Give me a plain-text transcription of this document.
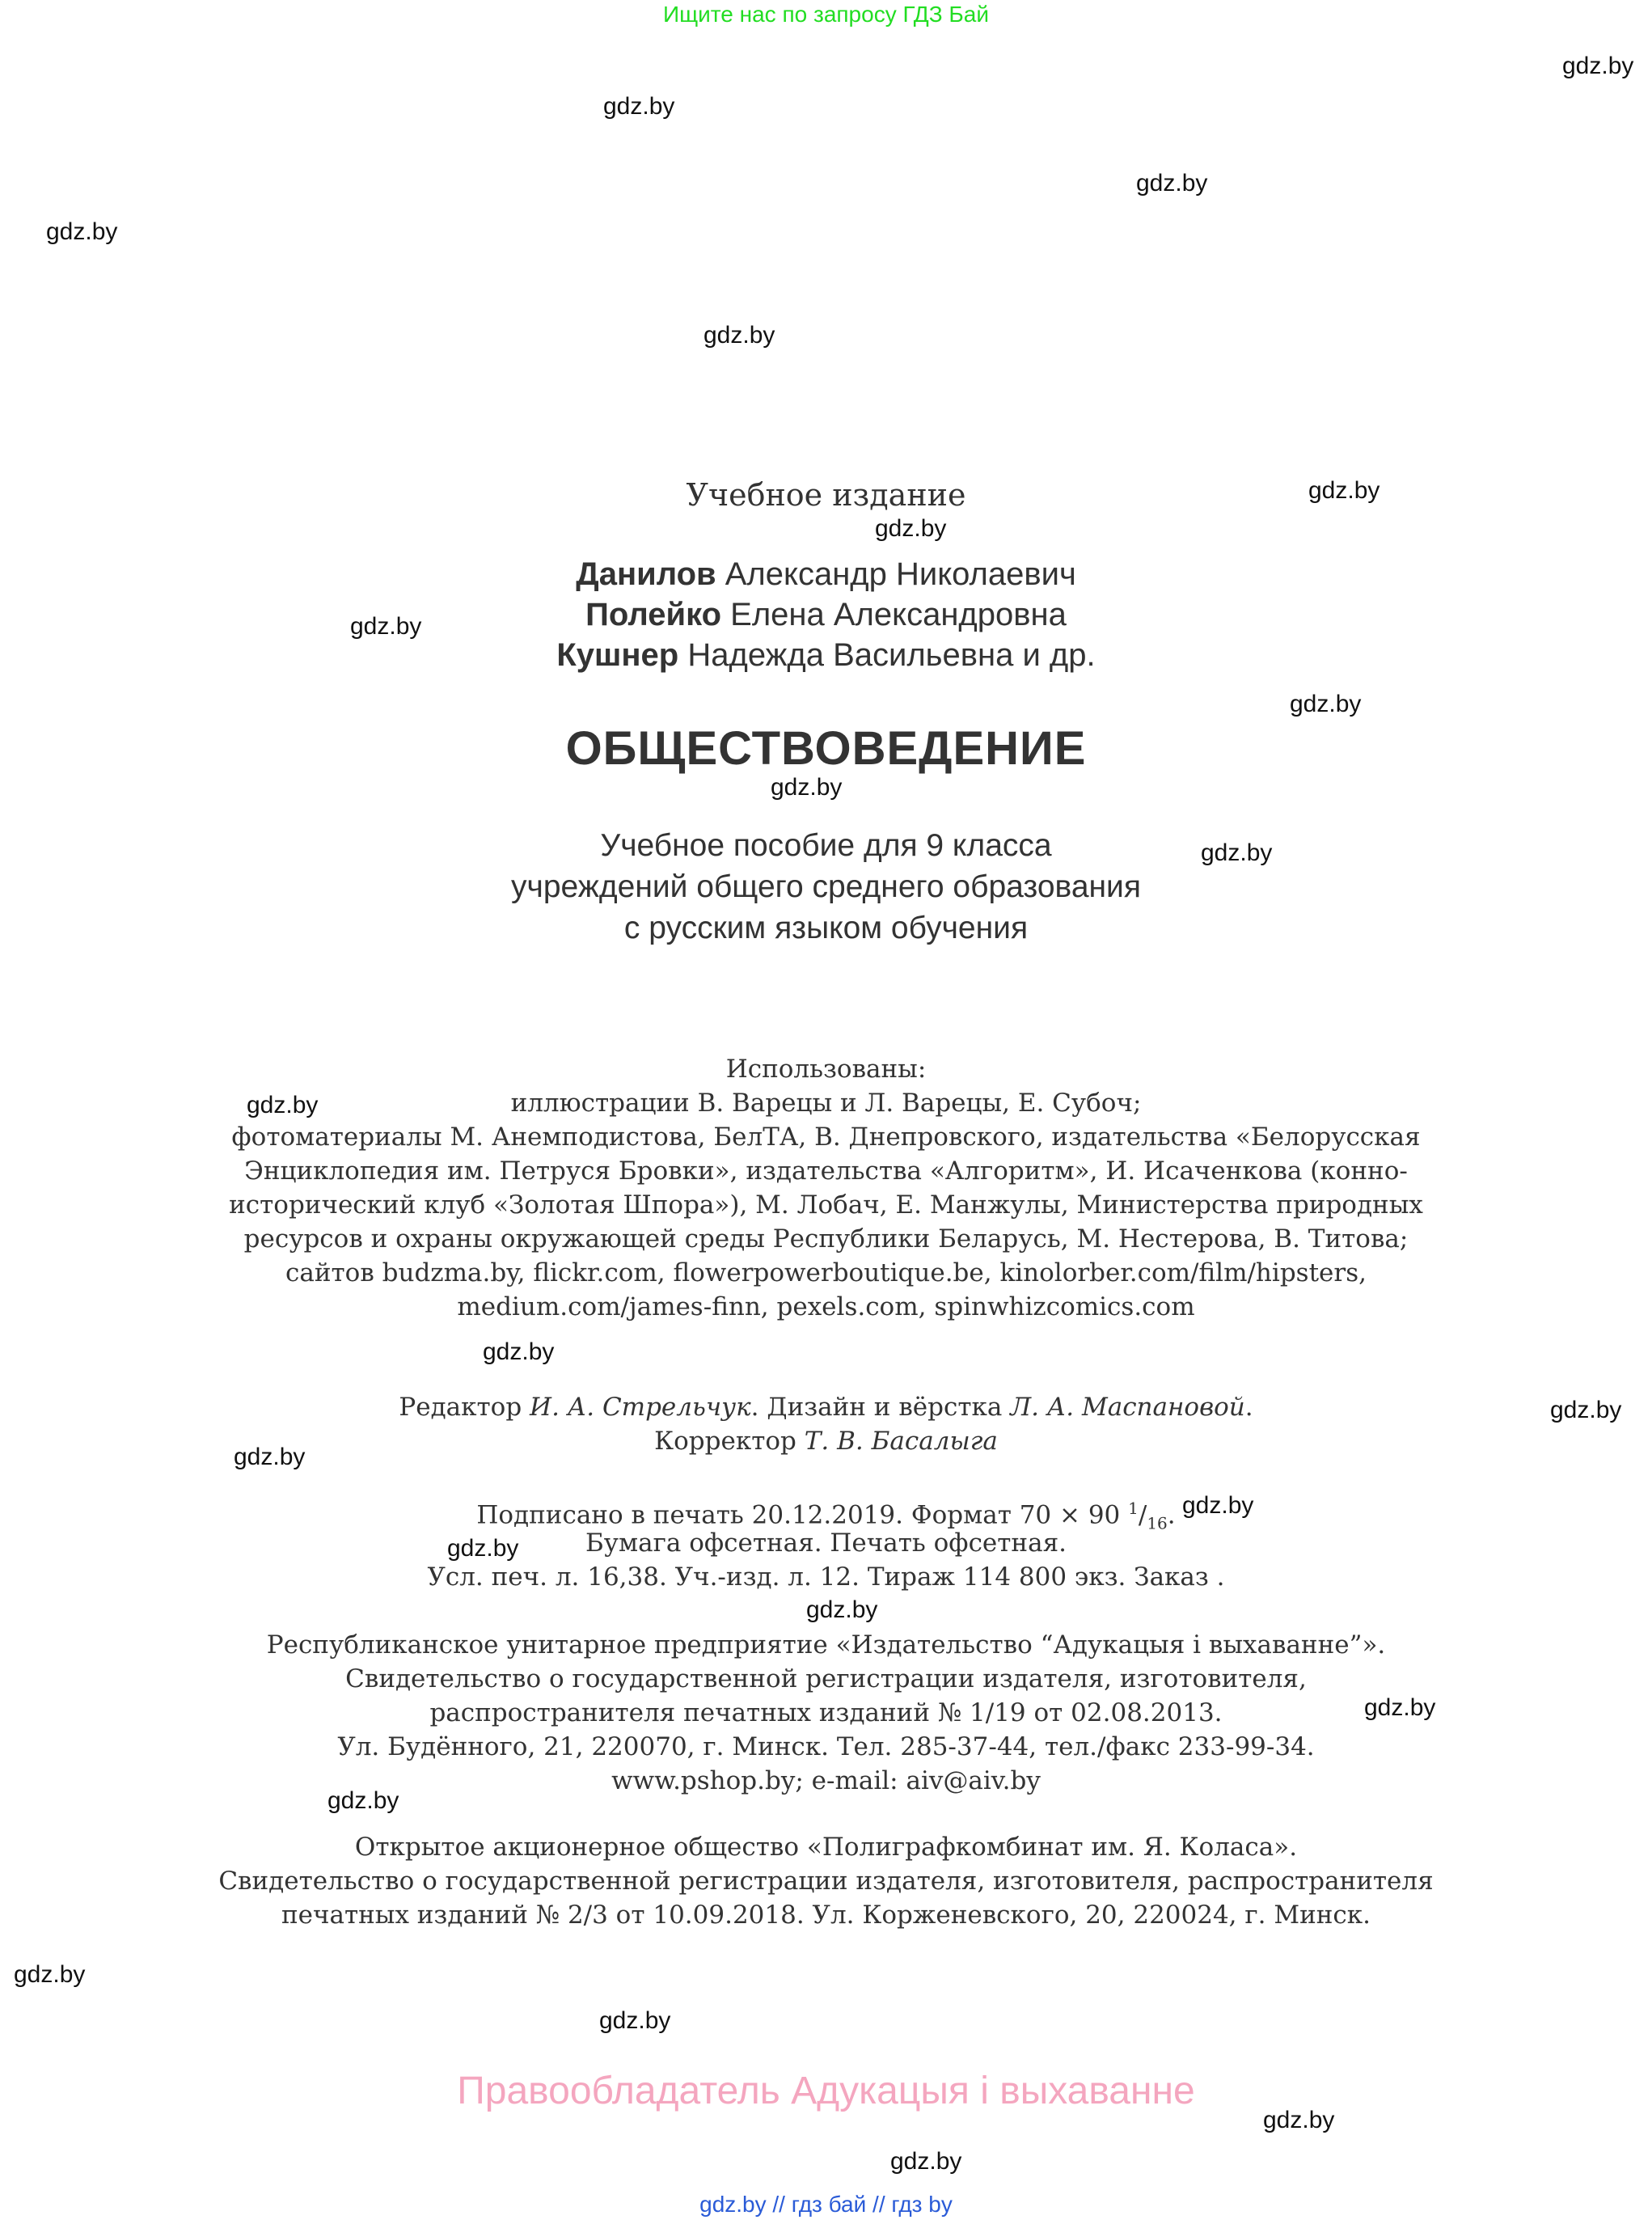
Ищите нас по запросу ГДЗ Бай
gdz.by
gdz.by
gdz.by
gdz.by
gdz.by
gdz.by
gdz.by
gdz.by
gdz.by
gdz.by
gdz.by
gdz.by
gdz.by
gdz.by
gdz.by
gdz.by
gdz.by
gdz.by
gdz.by
gdz.by
gdz.by
gdz.by
gdz.by
gdz.by
Учебное издание
Данилов Александр Николаевич
Полейко Елена Александровна
Кушнер Надежда Васильевна и др.
ОБЩЕСТВОВЕДЕНИЕ
Учебное пособие для 9 класса
учреждений общего среднего образования
с русским языком обучения
Использованы:
иллюстрации В. Варецы и Л. Варецы, Е. Субоч;
фотоматериалы М. Анемподистова, БелТА, В. Днепровского, издательства «Белорусская
Энциклопедия им. Петруся Бровки», издательства «Алгоритм», И. Исаченкова (конно-
исторический клуб «Золотая Шпора»), М. Лобач, Е. Манжулы, Министерства природных
ресурсов и охраны окружающей среды Республики Беларусь, М. Нестерова, В. Титова;
сайтов budzma.by, flickr.com, flowerpowerboutique.be, kinolorber.com/film/hipsters,
medium.com/james-finn, pexels.com, spinwhizcomics.com
Редактор И. А. Стрельчук. Дизайн и вёрстка Л. А. Маспановой.
Корректор Т. В. Басалыга
Подписано в печать 20.12.2019. Формат 70 × 90 $^1/_{16}$.
Бумага офсетная. Печать офсетная.
Усл. печ. л. 16,38. Уч.-изд. л. 12. Тираж 114 800 экз. Заказ .
Республиканское унитарное предприятие «Издательство “Адукацыя і выхаванне”».
Свидетельство о государственной регистрации издателя, изготовителя,
распространителя печатных изданий № 1/19 от 02.08.2013.
Ул. Будённого, 21, 220070, г. Минск. Тел. 285-37-44, тел./факс 233-99-34.
www.pshop.by; e-mail: aiv@aiv.by
Открытое акционерное общество «Полиграфкомбинат им. Я. Коласа».
Свидетельство о государственной регистрации издателя, изготовителя, распространителя
печатных изданий № 2/3 от 10.09.2018. Ул. Корженевского, 20, 220024, г. Минск.
Правообладатель Адукацыя і выхаванне
gdz.by // гдз бай // гдз by
